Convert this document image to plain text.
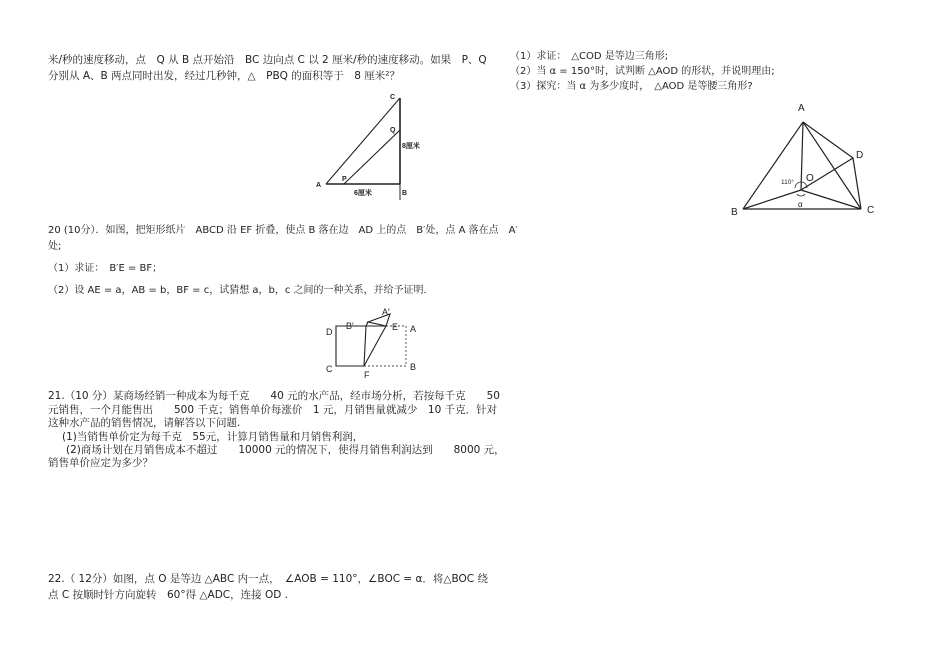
米/秒的速度移动，点　Q 从 B 点开始沿　BC 边向点 C 以 2 厘米/秒的速度移动。如果　P、Q
分别从 A、B 两点同时出发，经过几秒钟，△　PBQ 的面积等于　8 厘米²？
C
Q
A
P
B
8厘米
6厘米
20 (10分）．如图，把矩形纸片　ABCD 沿 EF 折叠，使点 B 落在边　AD 上的点　B′处，点 A 落在点　A′
处;
（1）求证：　B′E = BF；
（2）设 AE = a，AB = b，BF = c，试猜想 a，b，c 之间的一种关系，并给予证明．
D
B′
A′
E A
C
F
B
21.（10 分）某商场经销一种成本为每千克　　40 元的水产品，经市场分析，若按每千克　　50
元销售，一个月能售出　　500 千克；销售单价每涨价　1 元，月销售量就减少　10 千克．针对
这种水产品的销售情况，请解答以下问题.
(1)当销售单价定为每千克　55元，计算月销售量和月销售利润，
(2)商场计划在月销售成本不超过　　10000 元的情况下，使得月销售利润达到　　8000 元，
销售单价应定为多少？
22.（ 12分）如图，点 O 是等边 △ABC 内一点，　∠AOB = 110°，∠BOC = α．将△BOC 绕
点 C 按顺时针方向旋转　60°得 △ADC，连接 OD .
（1）求证：　△COD 是等边三角形;
（2）当 α = 150°时，试判断 △AOD 的形状，并说明理由;
（3）探究：当 α 为多少度时，　△AOD 是等腰三角形?
A
D
O
B	C
110°
α
